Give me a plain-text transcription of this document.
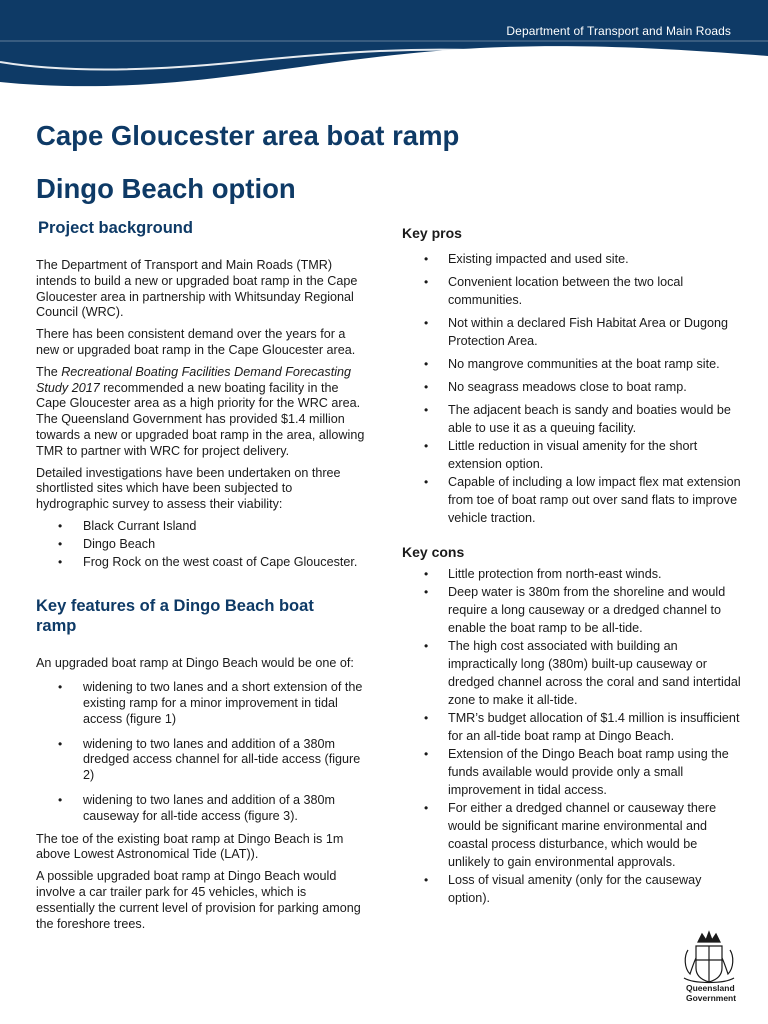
Department of Transport and Main Roads
Cape Gloucester area boat ramp
Dingo Beach option
Project background

The Department of Transport and Main Roads (TMR) intends to build a new or upgraded boat ramp in the Cape Gloucester area in partnership with Whitsunday Regional Council (WRC).

There has been consistent demand over the years for a new or upgraded boat ramp in the Cape Gloucester area.

The Recreational Boating Facilities Demand Forecasting Study 2017 recommended a new boating facility in the Cape Gloucester area as a high priority for the WRC area. The Queensland Government has provided $1.4 million towards a new or upgraded boat ramp in the area, allowing TMR to partner with WRC for project delivery.

Detailed investigations have been undertaken on three shortlisted sites which have been subjected to hydrographic survey to assess their viability:

• Black Currant Island
• Dingo Beach
• Frog Rock on the west coast of Cape Gloucester.
Key features of a Dingo Beach boat ramp

An upgraded boat ramp at Dingo Beach would be one of:

• widening to two lanes and a short extension of the existing ramp for a minor improvement in tidal access (figure 1)
• widening to two lanes and addition of a 380m dredged access channel for all-tide access (figure 2)
• widening to two lanes and addition of a 380m causeway for all-tide access (figure 3).

The toe of the existing boat ramp at Dingo Beach is 1m above Lowest Astronomical Tide (LAT)).

A possible upgraded boat ramp at Dingo Beach would involve a car trailer park for 45 vehicles, which is essentially the current level of provision for parking among the foreshore trees.

Key pros
• Existing impacted and used site.
• Convenient location between the two local communities.
• Not within a declared Fish Habitat Area or Dugong Protection Area.
• No mangrove communities at the boat ramp site.
• No seagrass meadows close to boat ramp.
• The adjacent beach is sandy and boaties would be able to use it as a queuing facility.
• Little reduction in visual amenity for the short extension option.
• Capable of including a low impact flex mat extension from toe of boat ramp out over sand flats to improve vehicle traction.
Key cons
• Little protection from north-east winds.
• Deep water is 380m from the shoreline and would require a long causeway or a dredged channel to enable the boat ramp to be all-tide.
• The high cost associated with building an impractically long (380m) built-up causeway or dredged channel across the coral and sand intertidal zone to make it all-tide.
• TMR’s budget allocation of $1.4 million is insufficient for an all-tide boat ramp at Dingo Beach.
• Extension of the Dingo Beach boat ramp using the funds available would provide only a small improvement in tidal access.
• For either a dredged channel or causeway there would be significant marine environmental and coastal process disturbance, which would be unlikely to gain environmental approvals.
• Loss of visual amenity (only for the causeway option).
Queensland
Government
